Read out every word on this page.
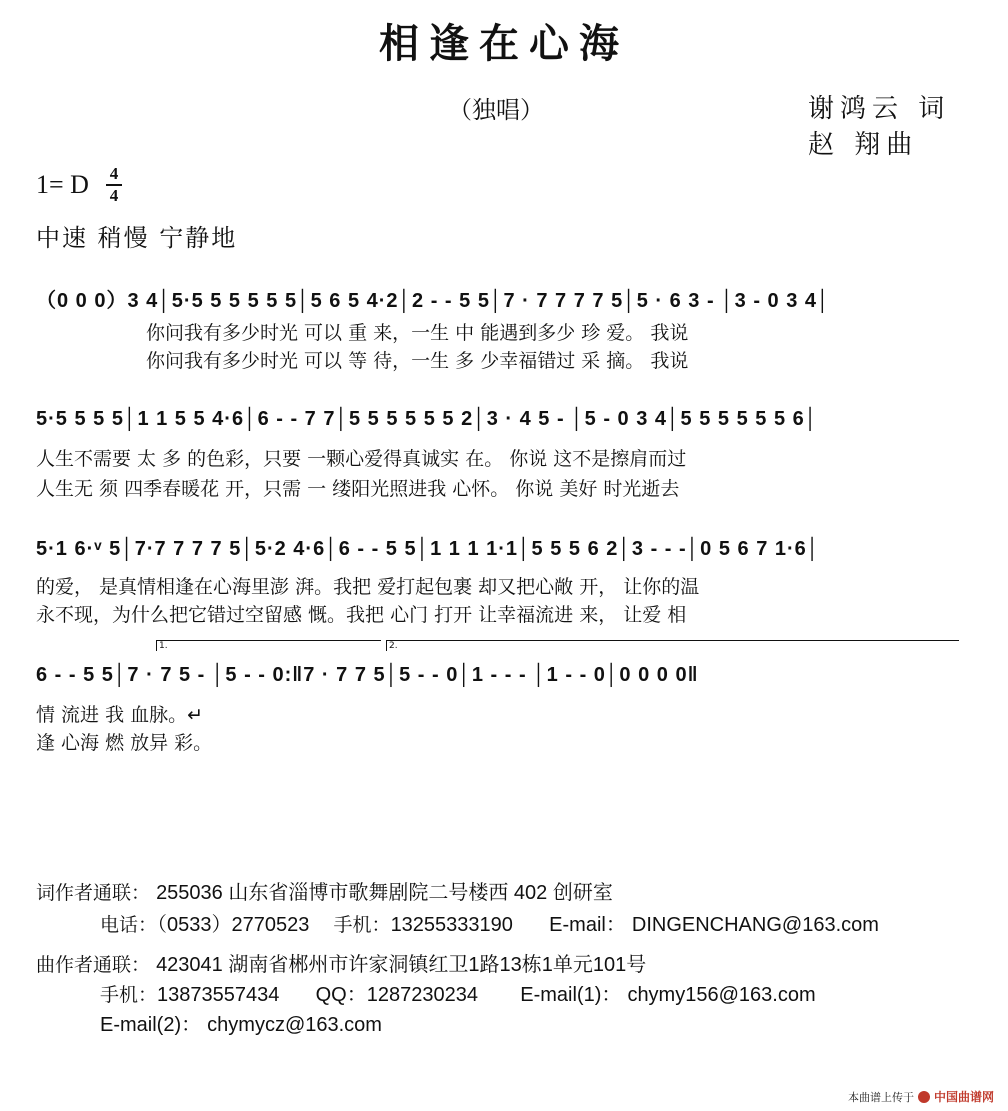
相逢在心海
（独唱）	谢鸿云 词
赵 翔曲
1= D 4
4
中速 稍慢 宁静地
（0 0 0）3 4│5·5 5 5 5 5 5│5 6 5 4·2│2 - - 5 5│7 · 7 7 7 7 5│5 · 6 3 - │3 - 0 3 4│
你问我有多少时光 可以 重 来，一生 中 能遇到多少 珍 爱。 我说
你问我有多少时光 可以 等 待，一生 多 少幸福错过 采 摘。 我说
5·5 5 5 5│1 1 5 5 4·6│6 - - 7 7│5 5 5 5 5 5 2│3 · 4 5 - │5 - 0 3 4│5 5 5 5 5 5 6│
人生不需要 太 多 的色彩，只要 一颗心爱得真诚实 在。 你说 这不是擦肩而过
人生无 须 四季春暖花 开，只需 一 缕阳光照进我 心怀。 你说 美好 时光逝去
5·1 6·ᵛ 5│7·7 7 7 7 5│5·2 4·6│6 - - 5 5│1 1 1 1·1│5 5 5 6 2│3 - - -│0 5 6 7 1·6│
的爱， 是真情相逢在心海里澎 湃。我把 爱打起包裹 却又把心敞 开， 让你的温
永不现，为什么把它错过空留感 慨。我把 心门 打开 让幸福流进 来， 让爱 相
1.	2.
6 - - 5 5│7 · 7 5 - │5 - - 0:‖7 · 7 7 5│5 - - 0│1 - - - │1 - - 0│0 0 0 0‖
情 流进 我 血脉。↵
逢 心海 燃 放异 彩。
词作者通联： 255036 山东省淄博市歌舞剧院二号楼西 402 创研室
电话：（0533）2770523 手机：13255333190 E-mail： DINGENCHANG@163.com
曲作者通联： 423041 湖南省郴州市许家洞镇红卫1路13栋1单元101号
手机：13873557434 QQ：1287230234 E-mail(1)： chymy156@163.com
E-mail(2)： chymycz@163.com
本曲谱上传于 中国曲谱网
